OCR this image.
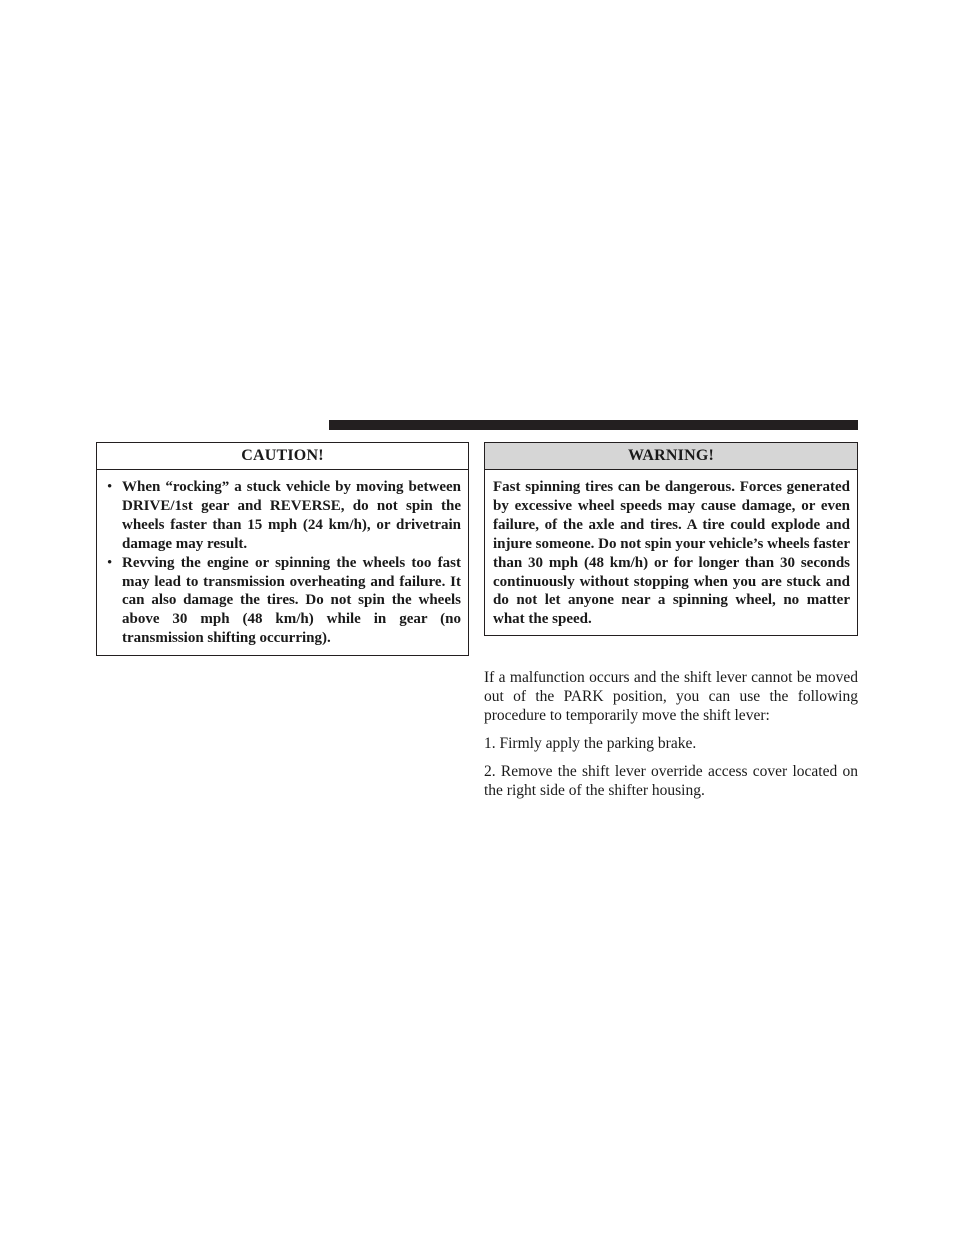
CAUTION!
• When “rocking” a stuck vehicle by moving between DRIVE/1st gear and REVERSE, do not spin the wheels faster than 15 mph (24 km/h), or drivetrain damage may result.
• Revving the engine or spinning the wheels too fast may lead to transmission overheating and failure. It can also damage the tires. Do not spin the wheels above 30 mph (48 km/h) while in gear (no transmission shifting occurring).
WARNING!
Fast spinning tires can be dangerous. Forces generated by excessive wheel speeds may cause damage, or even failure, of the axle and tires. A tire could explode and injure someone. Do not spin your vehicle’s wheels faster than 30 mph (48 km/h) or for longer than 30 seconds continuously without stopping when you are stuck and do not let anyone near a spinning wheel, no matter what the speed.

If a malfunction occurs and the shift lever cannot be moved out of the PARK position, you can use the following procedure to temporarily move the shift lever:

1. Firmly apply the parking brake.

2. Remove the shift lever override access cover located on the right side of the shifter housing.
